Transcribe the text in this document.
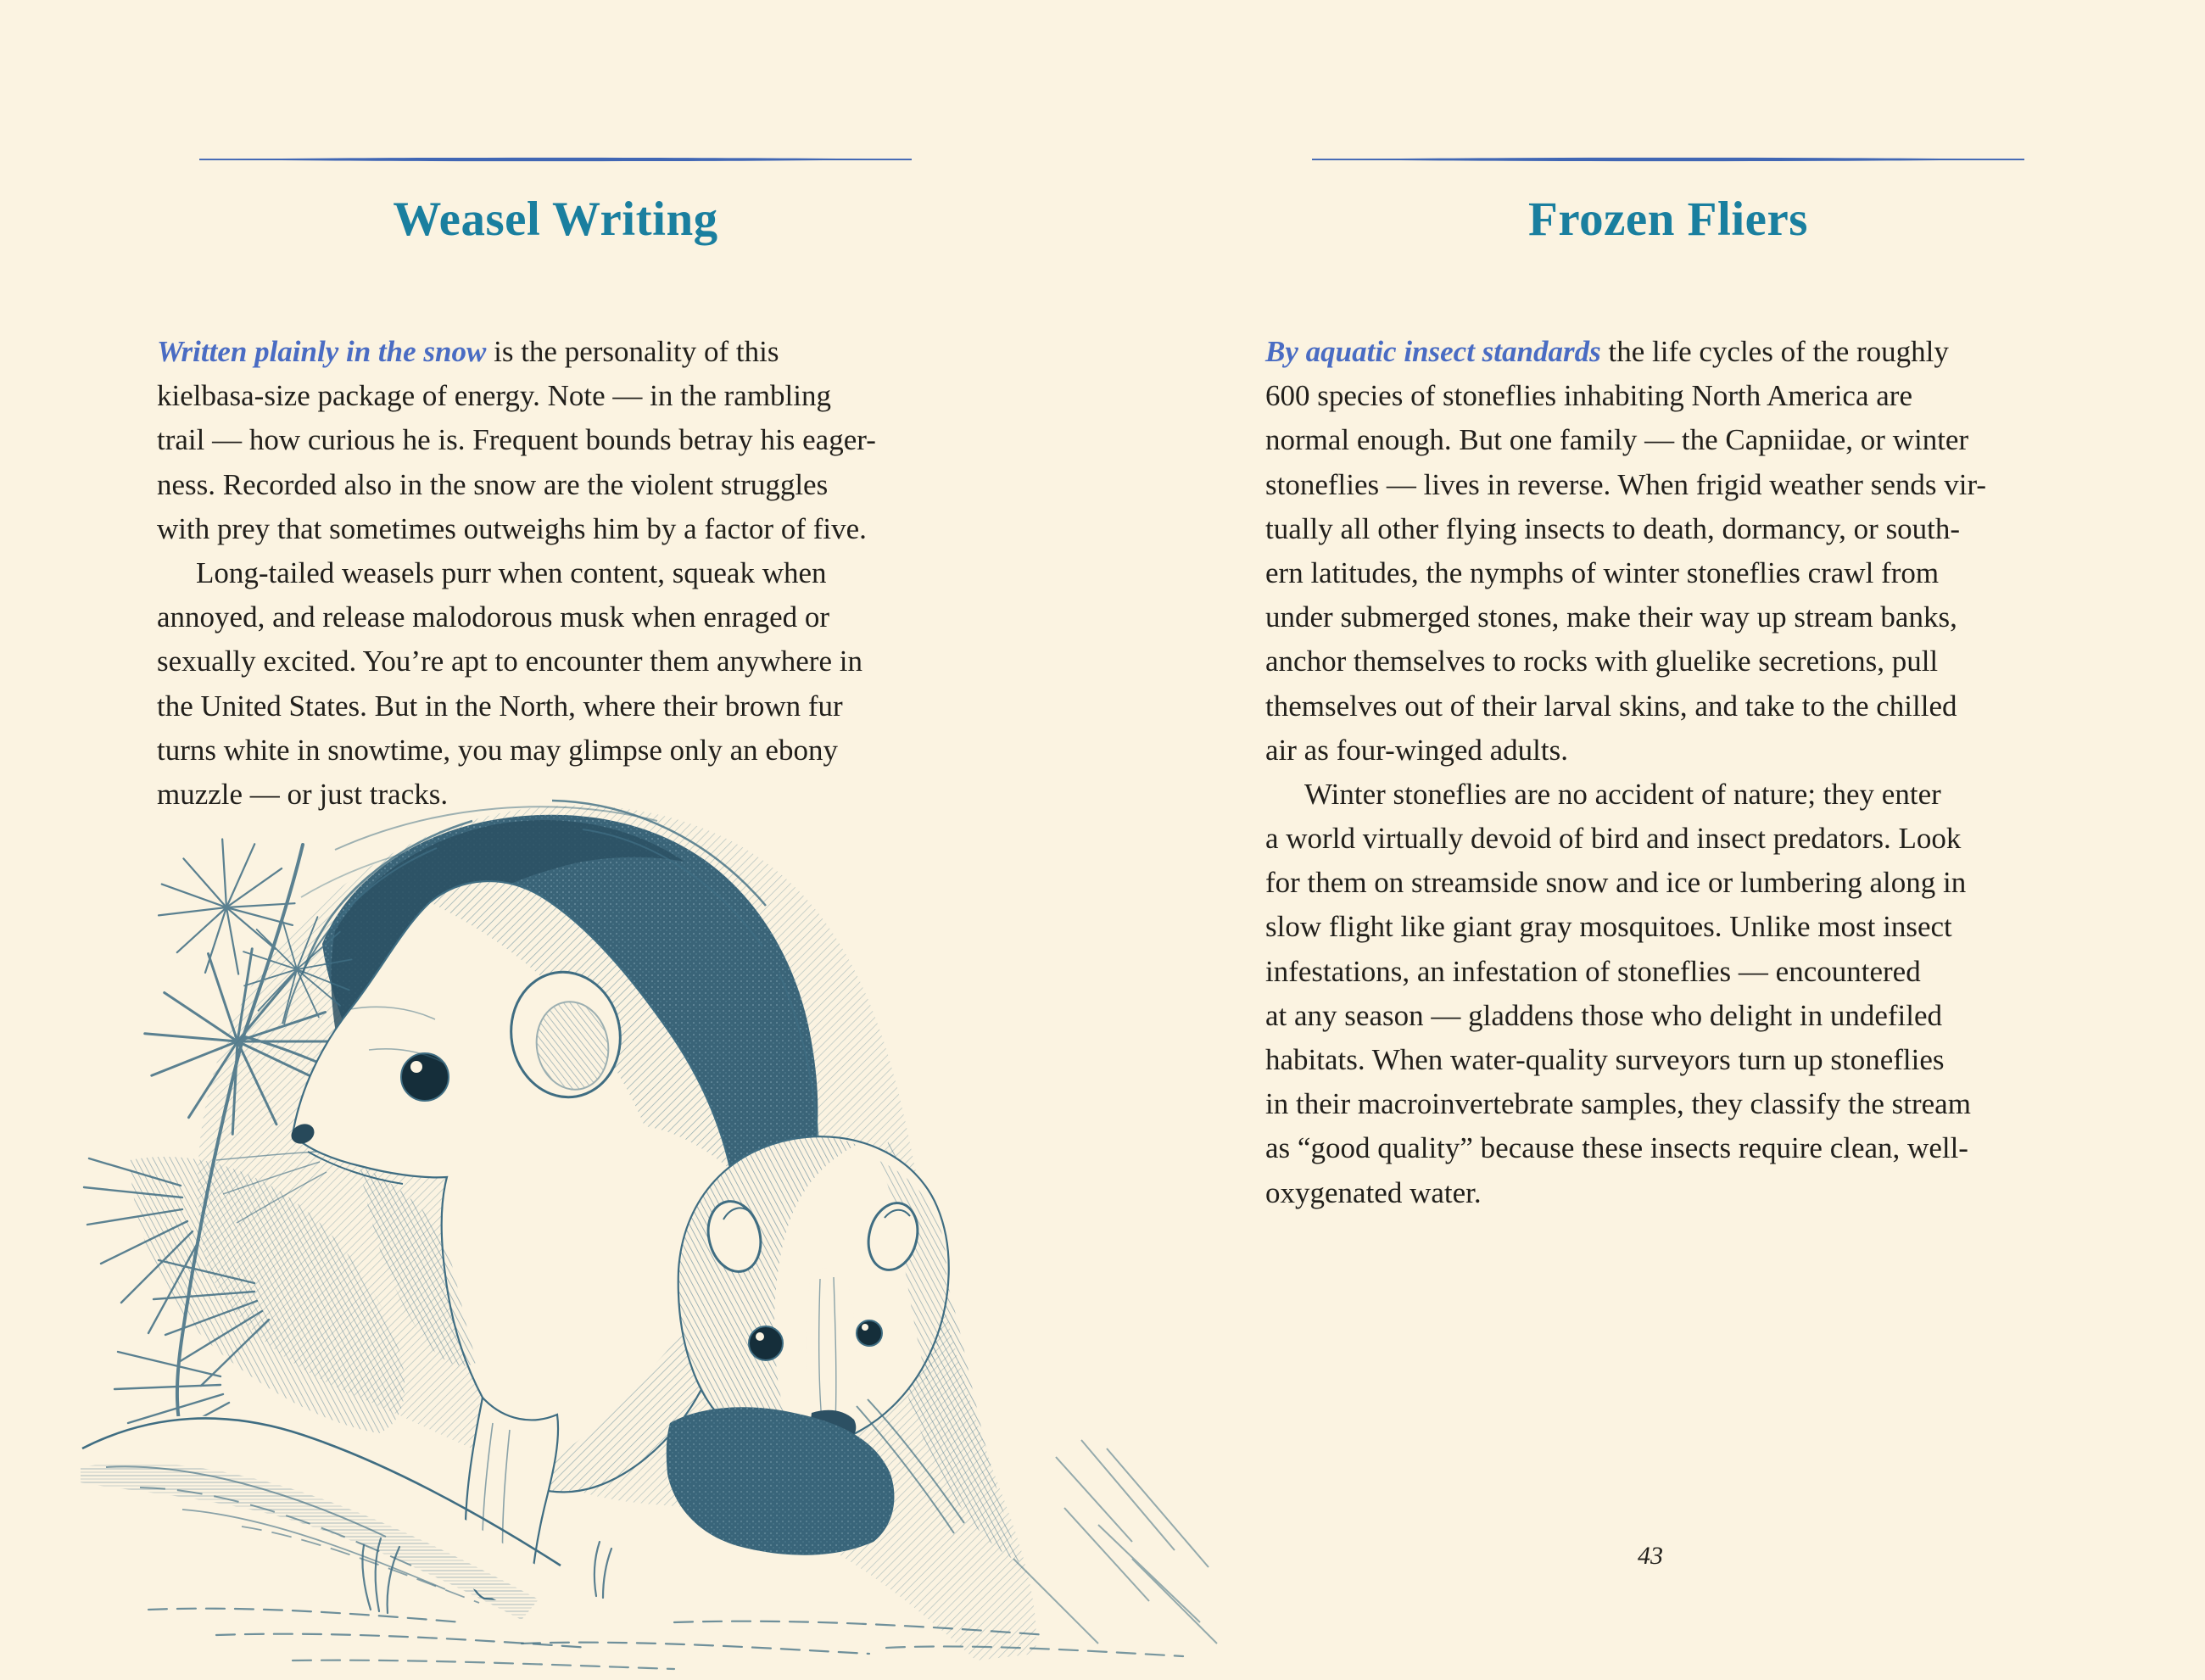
Weasel Writing
Written plainly in the snow is the personality of this
kielbasa-size package of energy. Note — in the rambling
trail — how curious he is. Frequent bounds betray his eager-
ness. Recorded also in the snow are the violent struggles
with prey that sometimes outweighs him by a factor of five.
Long-tailed weasels purr when content, squeak when
annoyed, and release malodorous musk when enraged or
sexually excited. You’re apt to encounter them anywhere in
the United States. But in the North, where their brown fur
turns white in snowtime, you may glimpse only an ebony
muzzle — or just tracks.
Frozen Fliers
By aquatic insect standards the life cycles of the roughly
600 species of stoneflies inhabiting North America are
normal enough. But one family — the Capniidae, or winter
stoneflies — lives in reverse. When frigid weather sends vir-
tually all other flying insects to death, dormancy, or south-
ern latitudes, the nymphs of winter stoneflies crawl from
under submerged stones, make their way up stream banks,
anchor themselves to rocks with gluelike secretions, pull
themselves out of their larval skins, and take to the chilled
air as four-winged adults.
Winter stoneflies are no accident of nature; they enter
a world virtually devoid of bird and insect predators. Look
for them on streamside snow and ice or lumbering along in
slow flight like giant gray mosquitoes. Unlike most insect
infestations, an infestation of stoneflies — encountered
at any season — gladdens those who delight in undefiled
habitats. When water-quality surveyors turn up stoneflies
in their macroinvertebrate samples, they classify the stream
as “good quality” because these insects require clean, well-
oxygenated water.
43
